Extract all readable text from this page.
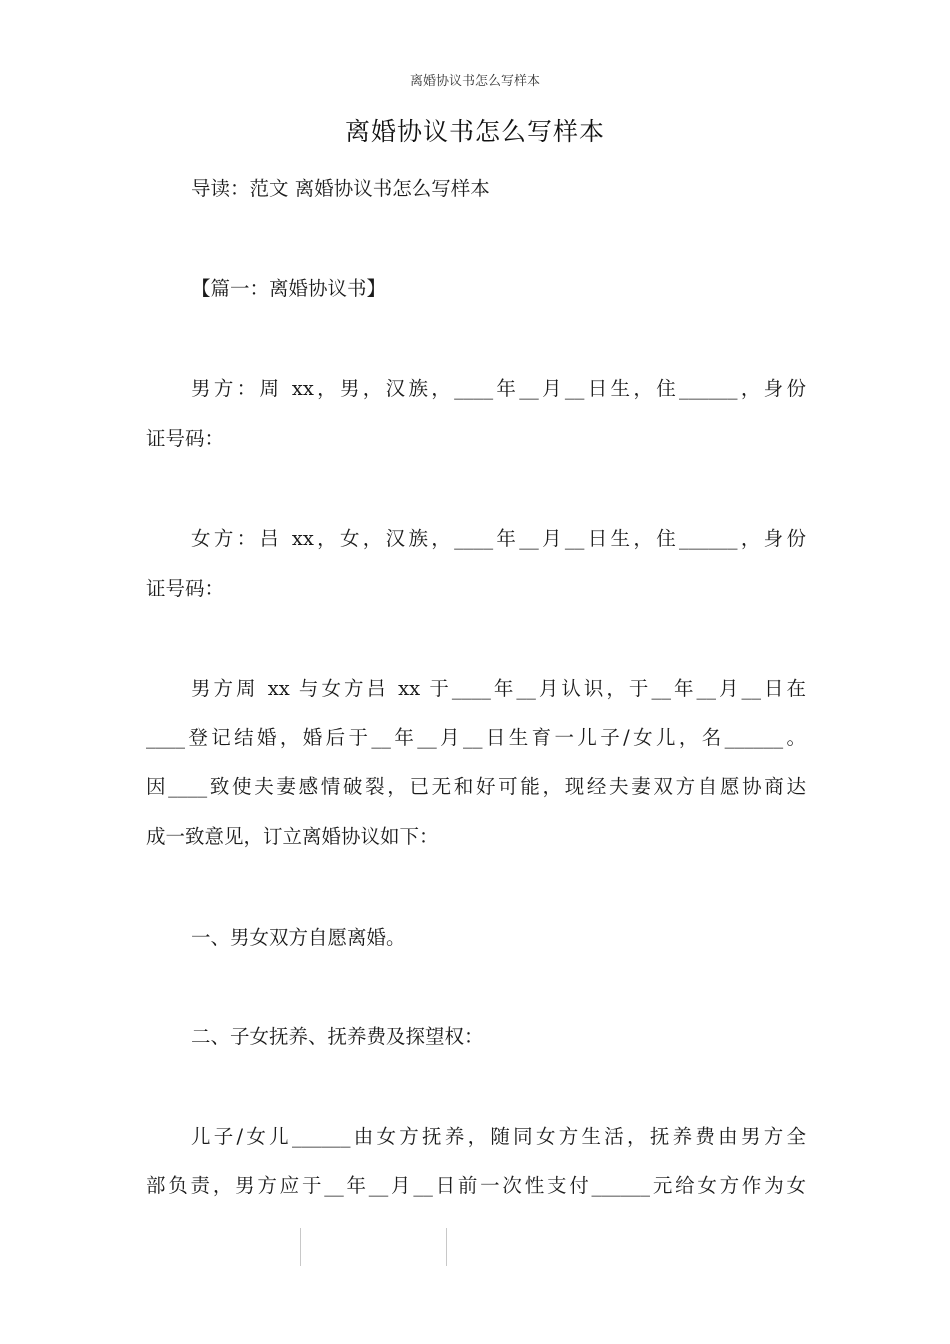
离婚协议书怎么写样本
离婚协议书怎么写样本
导读：范文 离婚协议书怎么写样本
【篇一：离婚协议书】
男方：周 xx，男，汉族，____年__月__日生，住______，身份
证号码：
女方：吕 xx，女，汉族，____年__月__日生，住______，身份
证号码：
男方周 xx 与女方吕 xx 于____年__月认识，于__年__月__日在
____登记结婚，婚后于__年__月__日生育一儿子/女儿，名______。
因____致使夫妻感情破裂，已无和好可能，现经夫妻双方自愿协商达
成一致意见，订立离婚协议如下：
一、男女双方自愿离婚。
二、子女抚养、抚养费及探望权：
儿子/女儿______由女方抚养，随同女方生活，抚养费由男方全
部负责，男方应于__年__月__日前一次性支付______元给女方作为女
